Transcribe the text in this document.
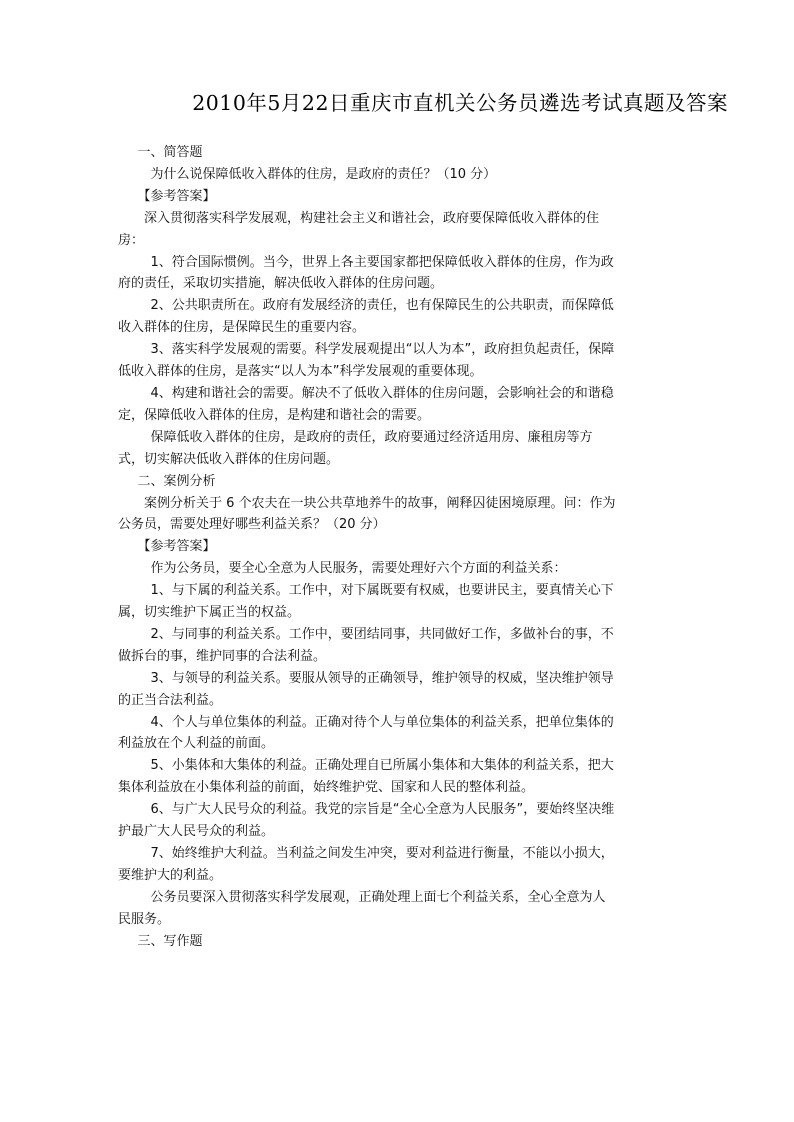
2010年5月22日重庆市直机关公务员遴选考试真题及答案

一、简答题

为什么说保障低收入群体的住房，是政府的责任？（10 分）

【参考答案】

深入贯彻落实科学发展观，构建社会主义和谐社会，政府要保障低收入群体的住房：

1、符合国际惯例。当今，世界上各主要国家都把保障低收入群体的住房，作为政府的责任，采取切实措施，解决低收入群体的住房问题。

2、公共职责所在。政府有发展经济的责任，也有保障民生的公共职责，而保障低收入群体的住房，是保障民生的重要内容。

3、落实科学发展观的需要。科学发展观提出“以人为本”，政府担负起责任，保障低收入群体的住房，是落实“以人为本”科学发展观的重要体现。

4、构建和谐社会的需要。解决不了低收入群体的住房问题，会影响社会的和谐稳定，保障低收入群体的住房，是构建和谐社会的需要。

保障低收入群体的住房，是政府的责任，政府要通过经济适用房、廉租房等方式，切实解决低收入群体的住房问题。

二、案例分析

案例分析关于 6 个农夫在一块公共草地养牛的故事，阐释囚徒困境原理。问：作为公务员，需要处理好哪些利益关系？（20 分）

【参考答案】

作为公务员，要全心全意为人民服务，需要处理好六个方面的利益关系：

1、与下属的利益关系。工作中，对下属既要有权威，也要讲民主，要真情关心下属，切实维护下属正当的权益。

2、与同事的利益关系。工作中，要团结同事，共同做好工作，多做补台的事，不做拆台的事，维护同事的合法利益。

3、与领导的利益关系。要服从领导的正确领导，维护领导的权威，坚决维护领导的正当合法利益。

4、个人与单位集体的利益。正确对待个人与单位集体的利益关系，把单位集体的利益放在个人利益的前面。

5、小集体和大集体的利益。正确处理自已所属小集体和大集体的利益关系，把大集体利益放在小集体利益的前面，始终维护党、国家和人民的整体利益。

6、与广大人民号众的利益。我党的宗旨是“全心全意为人民服务”，要始终坚决维护最广大人民号众的利益。

7、始终维护大利益。当利益之间发生冲突，要对利益进行衡量，不能以小损大，要维护大的利益。

公务员要深入贯彻落实科学发展观，正确处理上面七个利益关系，全心全意为人民服务。

三、写作题
